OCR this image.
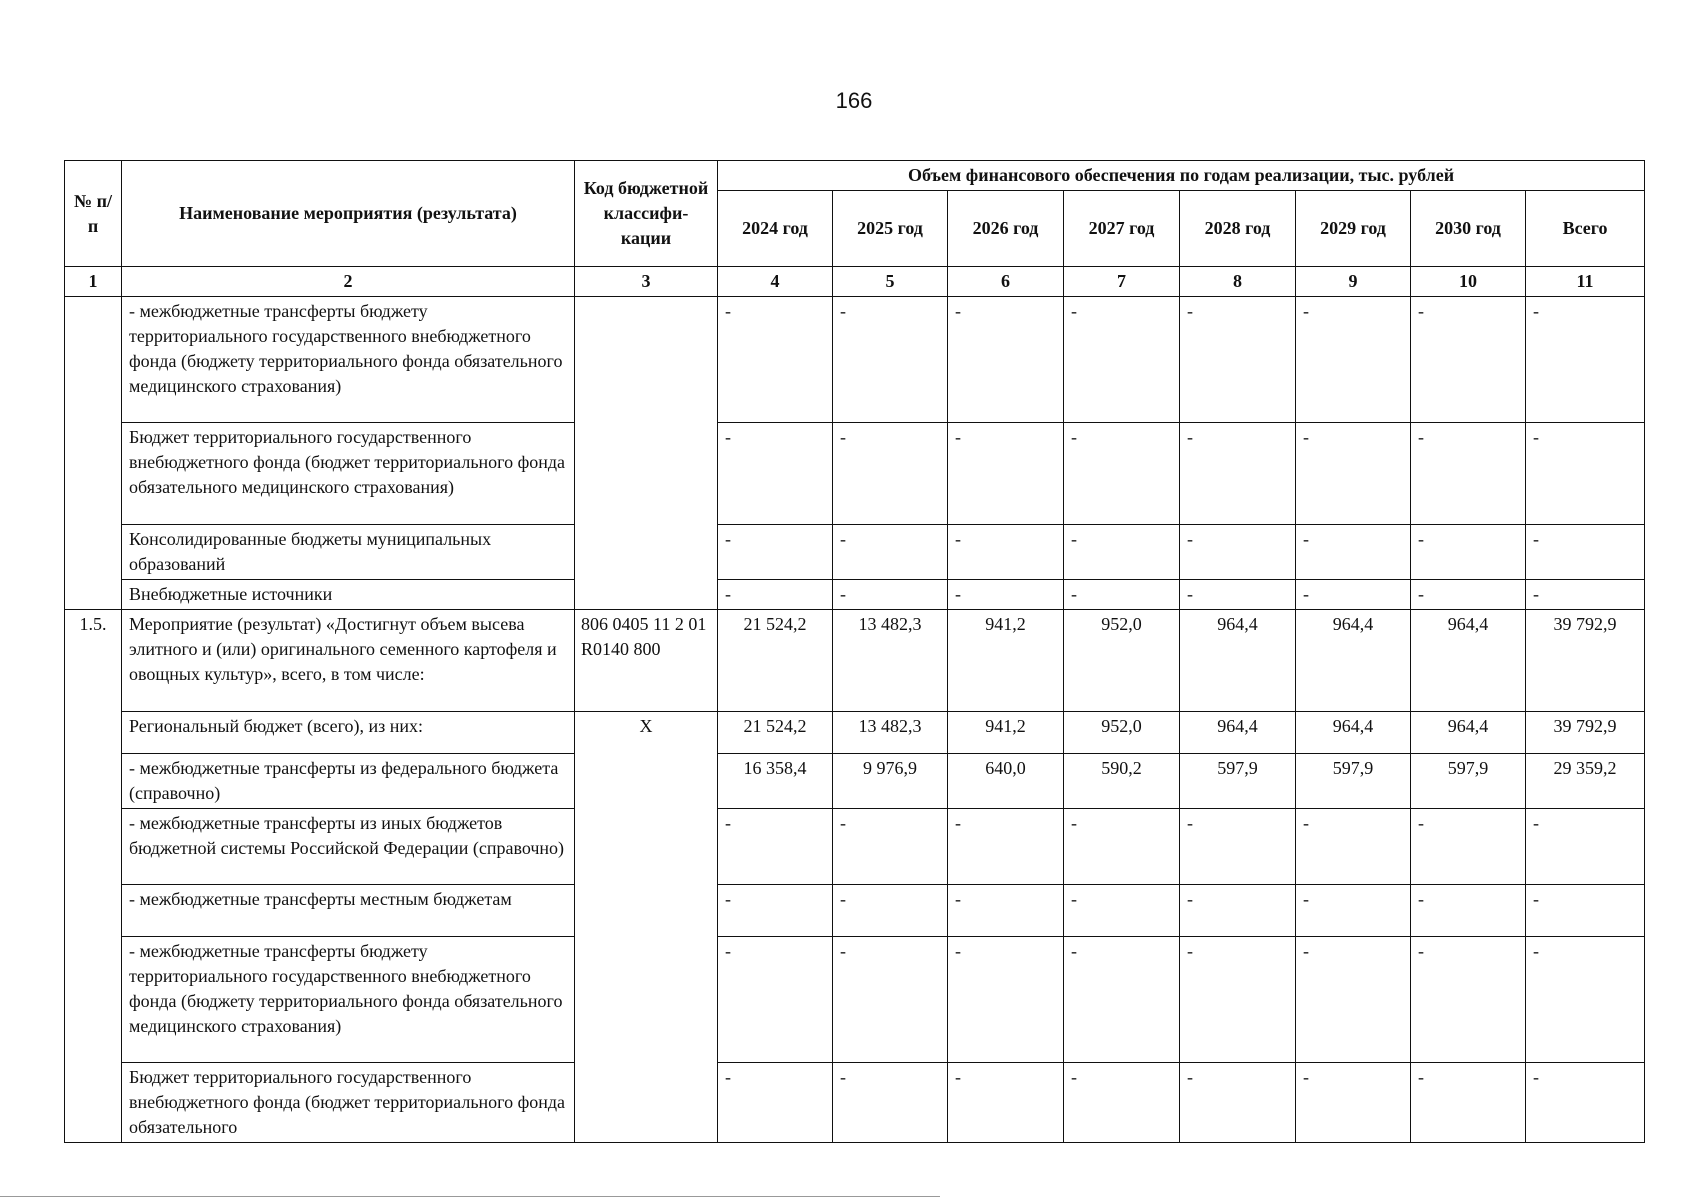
166
№ п/п	Наименование мероприятия (результата)	Код бюджетной классифи-кации	Объем финансового обеспечения по годам реализации, тыс. рублей							
			2024 год	2025 год	2026 год	2027 год	2028 год	2029 год	2030 год	Всего
1	2	3	4	5	6	7	8	9	10	11
	- межбюджетные трансферты бюджету территориального государственного внебюджетного фонда (бюджету территориального фонда обязательного медицинского страхования)		-	-	-	-	-	-	-	-
	Бюджет территориального государственного внебюджетного фонда (бюджет территориального фонда обязательного медицинского страхования)		-	-	-	-	-	-	-	-
	Консолидированные бюджеты муниципальных образований		-	-	-	-	-	-	-	-
	Внебюджетные источники		-	-	-	-	-	-	-	-
1.5.	Мероприятие (результат) «Достигнут объем высева элитного и (или) оригинального семенного картофеля и овощных культур», всего, в том числе:	806 0405 11 2 01 R0140 800	21 524,2	13 482,3	941,2	952,0	964,4	964,4	964,4	39 792,9
	Региональный бюджет (всего), из них:	X	21 524,2	13 482,3	941,2	952,0	964,4	964,4	964,4	39 792,9
	- межбюджетные трансферты из федерального бюджета (справочно)		16 358,4	9 976,9	640,0	590,2	597,9	597,9	597,9	29 359,2
	- межбюджетные трансферты из иных бюджетов бюджетной системы Российской Федерации (справочно)		-	-	-	-	-	-	-	-
	- межбюджетные трансферты местным бюджетам		-	-	-	-	-	-	-	-
	- межбюджетные трансферты бюджету территориального государственного внебюджетного фонда (бюджету территориального фонда обязательного медицинского страхования)		-	-	-	-	-	-	-	-
	Бюджет территориального государственного внебюджетного фонда (бюджет территориального фонда обязательного		-	-	-	-	-	-	-	-
